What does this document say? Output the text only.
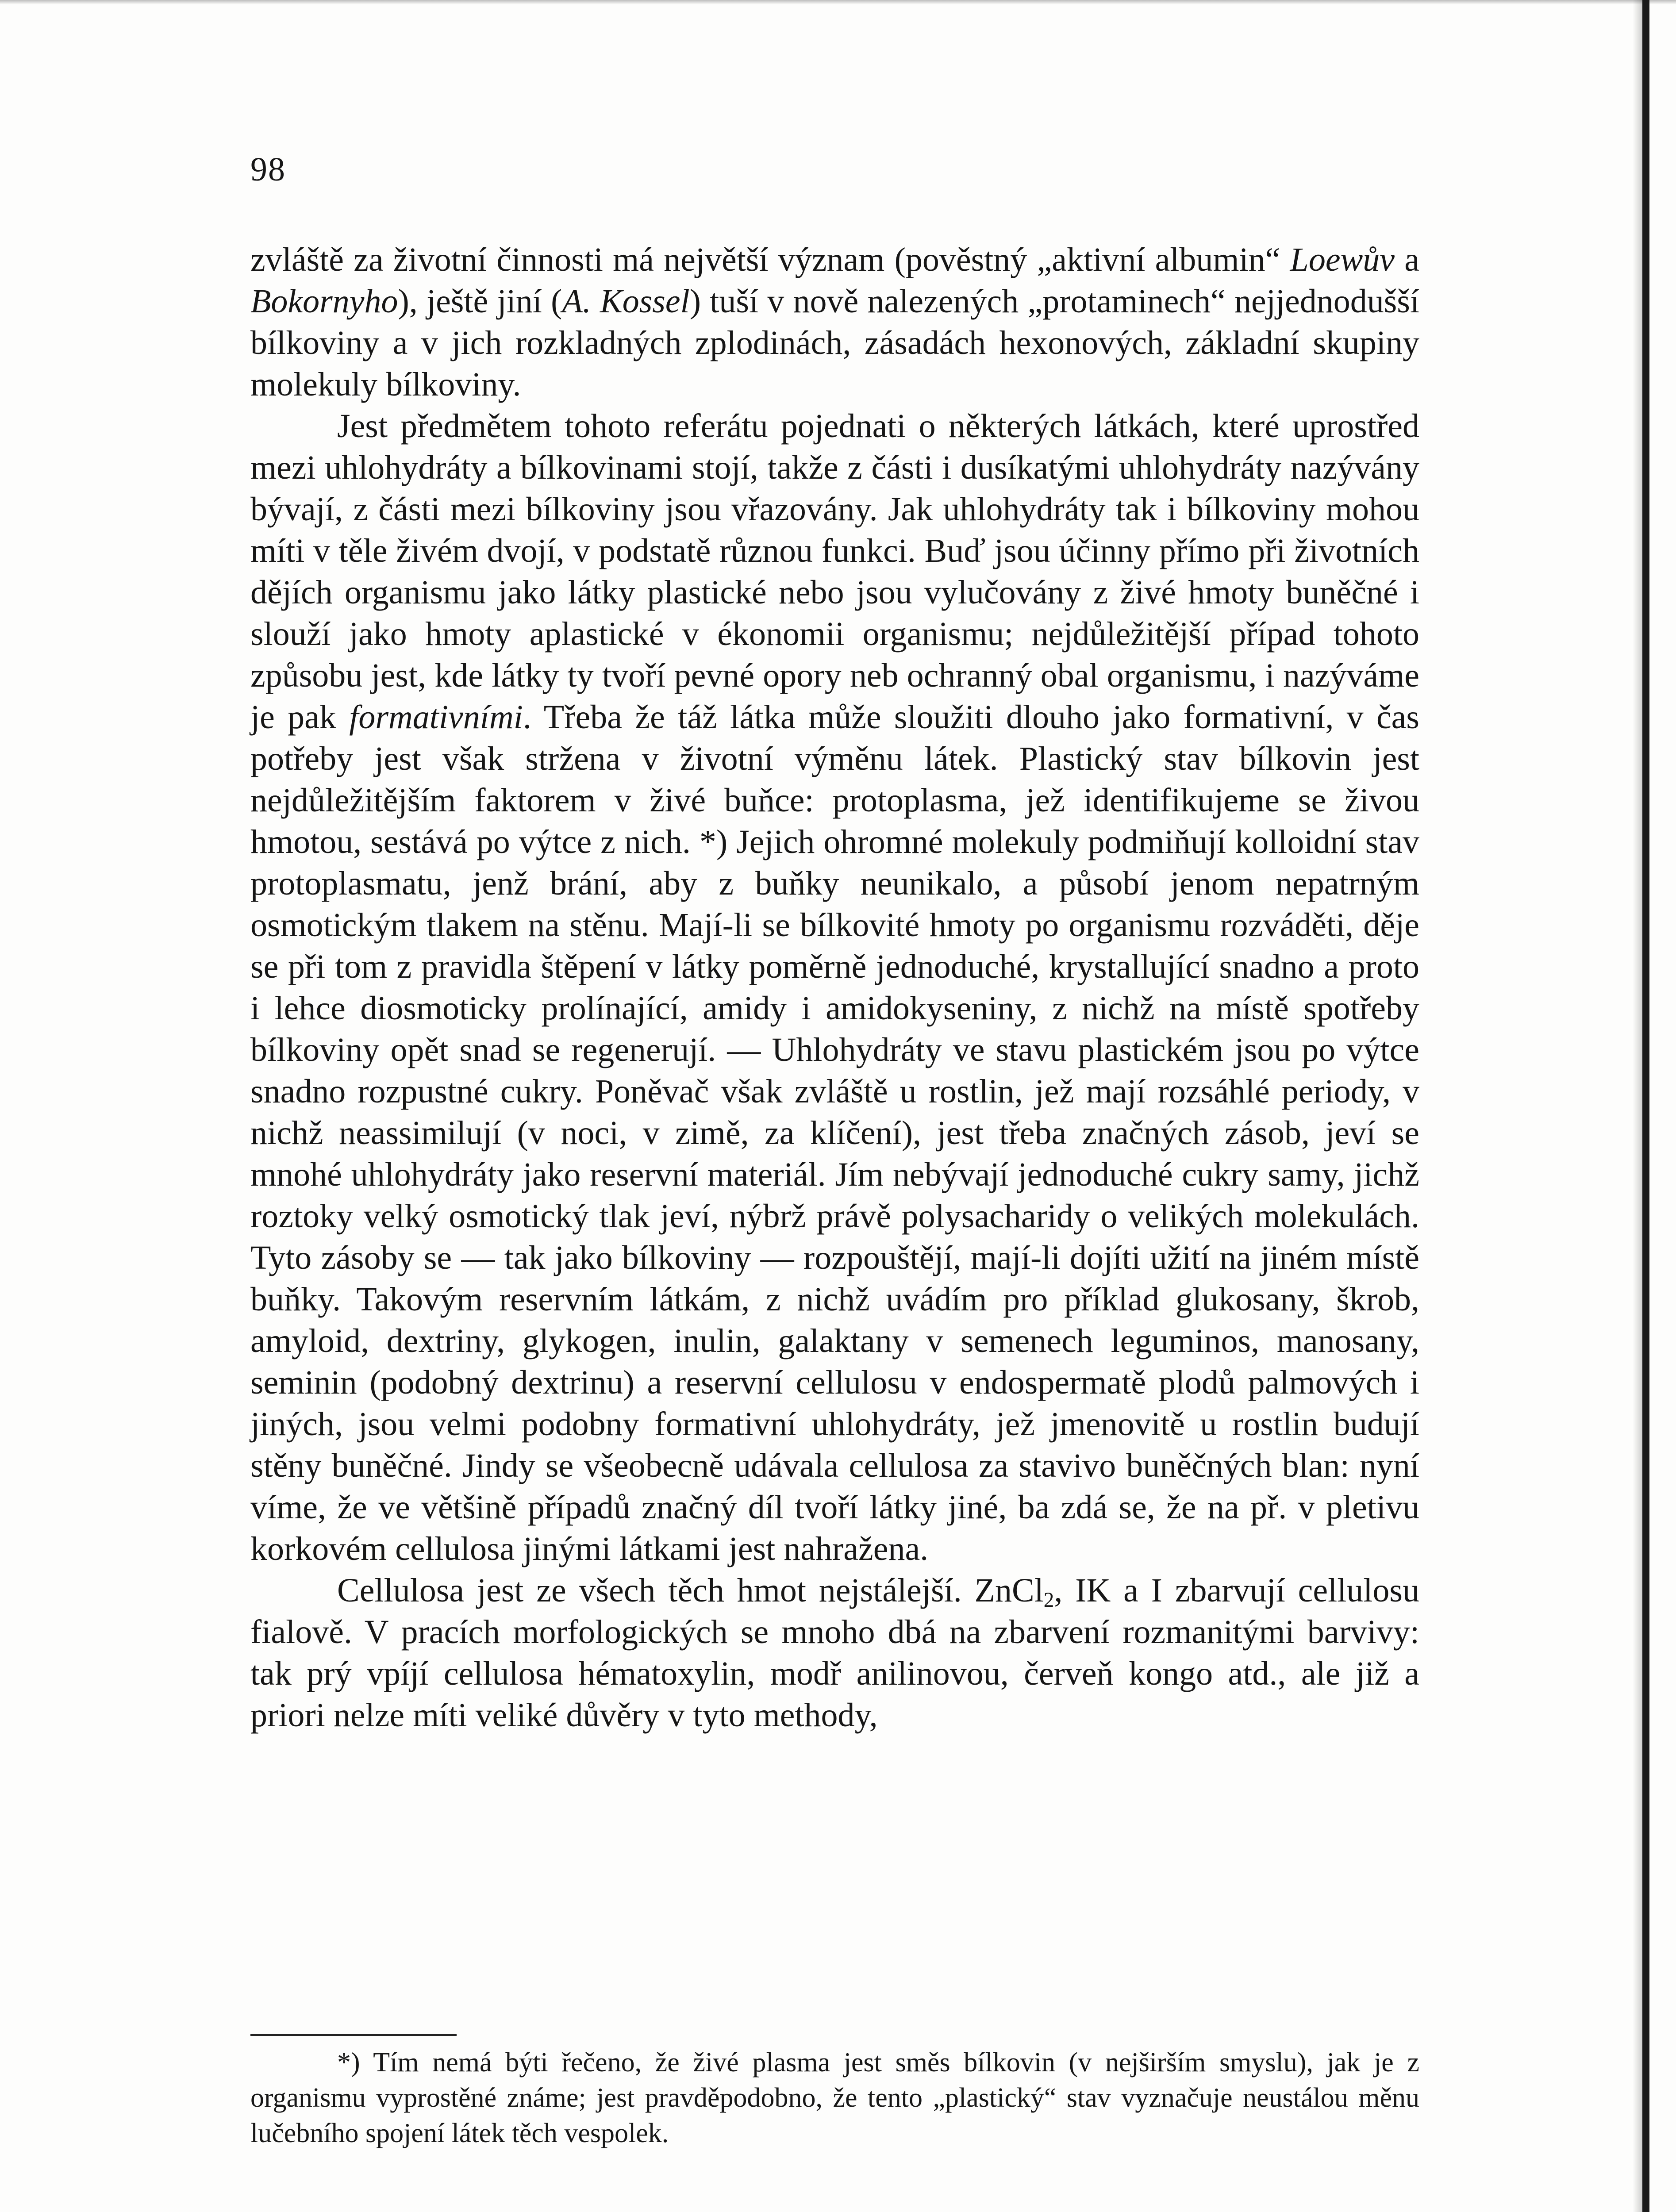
98

zvláště za životní činnosti má největší význam (pověstný „aktivní albumin“ Loewův a Bokornyho), ještě jiní (A. Kossel) tuší v nově nalezených „protaminech“ nejjednodušší bílkoviny a v jich rozkladných zplodinách, zásadách hexonových, základní skupiny molekuly bílkoviny.

Jest předmětem tohoto referátu pojednati o některých látkách, které uprostřed mezi uhlohydráty a bílkovinami stojí, takže z části i dusíkatými uhlohydráty nazývány bývají, z části mezi bílkoviny jsou vřazovány. Jak uhlohydráty tak i bílkoviny mohou míti v těle živém dvojí, v podstatě různou funkci. Buď jsou účinny přímo při životních dějích organismu jako látky plastické nebo jsou vylučovány z živé hmoty buněčné i slouží jako hmoty aplastické v ékonomii organismu; nejdůležitější případ tohoto způsobu jest, kde látky ty tvoří pevné opory neb ochranný obal organismu, i nazýváme je pak formativními. Třeba že táž látka může sloužiti dlouho jako formativní, v čas potřeby jest však stržena v životní výměnu látek. Plastický stav bílkovin jest nejdůležitějším faktorem v živé buňce: protoplasma, jež identifikujeme se živou hmotou, sestává po výtce z nich. *) Jejich ohromné molekuly podmiňují kolloidní stav protoplasmatu, jenž brání, aby z buňky neunikalo, a působí jenom nepatrným osmotickým tlakem na stěnu. Mají-li se bílkovité hmoty po organismu rozváděti, děje se při tom z pravidla štěpení v látky poměrně jednoduché, krystallující snadno a proto i lehce diosmoticky prolínající, amidy i amidokyseniny, z nichž na místě spotřeby bílkoviny opět snad se regenerují. — Uhlohydráty ve stavu plastickém jsou po výtce snadno rozpustné cukry. Poněvač však zvláště u rostlin, jež mají rozsáhlé periody, v nichž neassimilují (v noci, v zimě, za klíčení), jest třeba značných zásob, jeví se mnohé uhlohydráty jako reservní materiál. Jím nebývají jednoduché cukry samy, jichž roztoky velký osmotický tlak jeví, nýbrž právě polysacharidy o velikých molekulách. Tyto zásoby se — tak jako bílkoviny — rozpouštějí, mají-li dojíti užití na jiném místě buňky. Takovým reservním látkám, z nichž uvádím pro příklad glukosany, škrob, amyloid, dextriny, glykogen, inulin, galaktany v semenech leguminos, manosany, seminin (podobný dextrinu) a reservní cellulosu v endospermatě plodů palmových i jiných, jsou velmi podobny formativní uhlohydráty, jež jmenovitě u rostlin budují stěny buněčné. Jindy se všeobecně udávala cellulosa za stavivo buněčných blan: nyní víme, že ve většině případů značný díl tvoří látky jiné, ba zdá se, že na př. v pletivu korkovém cellulosa jinými látkami jest nahražena.

Cellulosa jest ze všech těch hmot nejstálejší. ZnCl$_2$, IK a I zbarvují cellulosu fialově. V pracích morfologických se mnoho dbá na zbarvení rozmanitými barvivy: tak prý vpíjí cellulosa hématoxylin, modř anilinovou, červeň kongo atd., ale již a priori nelze míti veliké důvěry v tyto methody,

*) Tím nemá býti řečeno, že živé plasma jest směs bílkovin (v nejširším smyslu), jak je z organismu vyprostěné známe; jest pravděpodobno, že tento „plastický“ stav vyznačuje neustálou měnu lučebního spojení látek těch vespolek.
